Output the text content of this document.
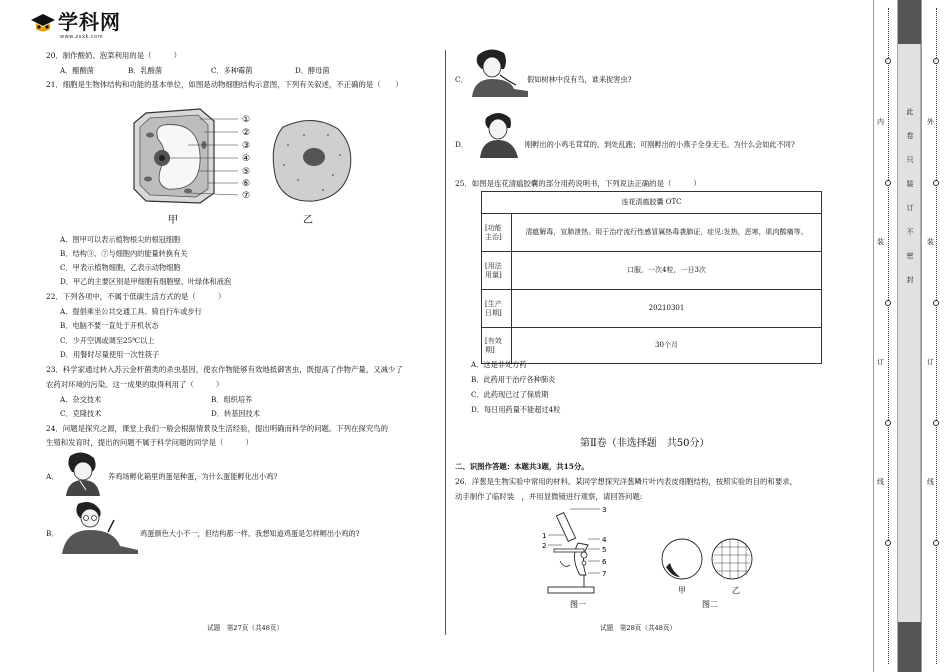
学科网
www.zxxk.com
20．制作酸奶、泡菜利用的是（　　　）
A．醋酸菌	B．乳酸菌	C．多种霉菌	D．酵母菌
21．细胞是生物体结构和功能的基本单位，如图是动物细胞结构示意图，下列有关叙述，不正确的是（　　）
①
②
③
④
⑤
⑥
⑦
甲	乙
A．图甲可以表示植物根尖的根冠细胞
B．结构③、⑦与细胞内的能量转换有关
C．甲表示植物细胞，乙表示动物细胞
D．甲乙的主要区别是甲细胞有细胞壁、叶绿体和液泡
22．下列各项中，不属于低碳生活方式的是（　　　）
A．提倡乘坐公共交通工具、骑自行车或步行
B．电脑不要一直处于开机状态
C．少开空调或调至25℃以上
D．用餐时尽量使用一次性筷子
23．科学家通过转入苏云金杆菌类的杀虫基因，使农作物能够有效地抵御害虫，既提高了作物产量，又减少了
农药对环境的污染。这一成果的取得利用了（　　　）
A．杂交技术	B．组织培养
C．克隆技术	D．转基因技术
24．问题是探究之源，课堂上我们一般会根据情景及生活经验，提出明确而科学的问题。下列在探究鸟的
生殖和发育时，提出的问题不属于科学问题的同学是（　　　）
A．	养鸡场孵化箱里的蛋是种蛋，为什么蛋能孵化出小鸡?
B．	鸡蛋颜色大小不一，但结构都一样。我想知道鸡蛋是怎样孵出小鸡的?
试题　第27页（共48页）
C．	假如树林中没有鸟，谁来捉害虫?
D．	刚孵出的小鸡毛茸茸的，到处乱跑；可刚孵出的小燕子全身无毛。为什么会如此不同?
25．如图是连花清瘟胶囊的部分用药说明书，下列说法正确的是（　　　）
连花清瘟胶囊 OTC	
[功能主治]	清瘟解毒，宣肺泄热。用于治疗流行性感冒属热毒袭肺证，症见:发热，恶寒，肌肉酸痛等。
[用法用量]	口服，一次4粒，一日3次
[生产日期]	20210301
[有效期]	30个月
A．这是非处方药
B．此药用于治疗各种肺炎
C．此药现已过了保质期
D．每日用药量不能超过4粒
第Ⅱ卷（非选择题　共50分）
二、识图作答题：本题共3题，共15分。
26．洋葱是生物实验中常用的材料。某同学想探究洋葱鳞片叶内表皮细胞结构，按照实验的目的和要求，
动手制作了临时装　，并用显微镜进行观察，请回答问题:
3
1
2
4
5
6
7
图一
甲	乙
图二
试题　第28页（共48页）
内
装
订
线
此
卷
只
装
订
不
密
封
外
装
订
线
